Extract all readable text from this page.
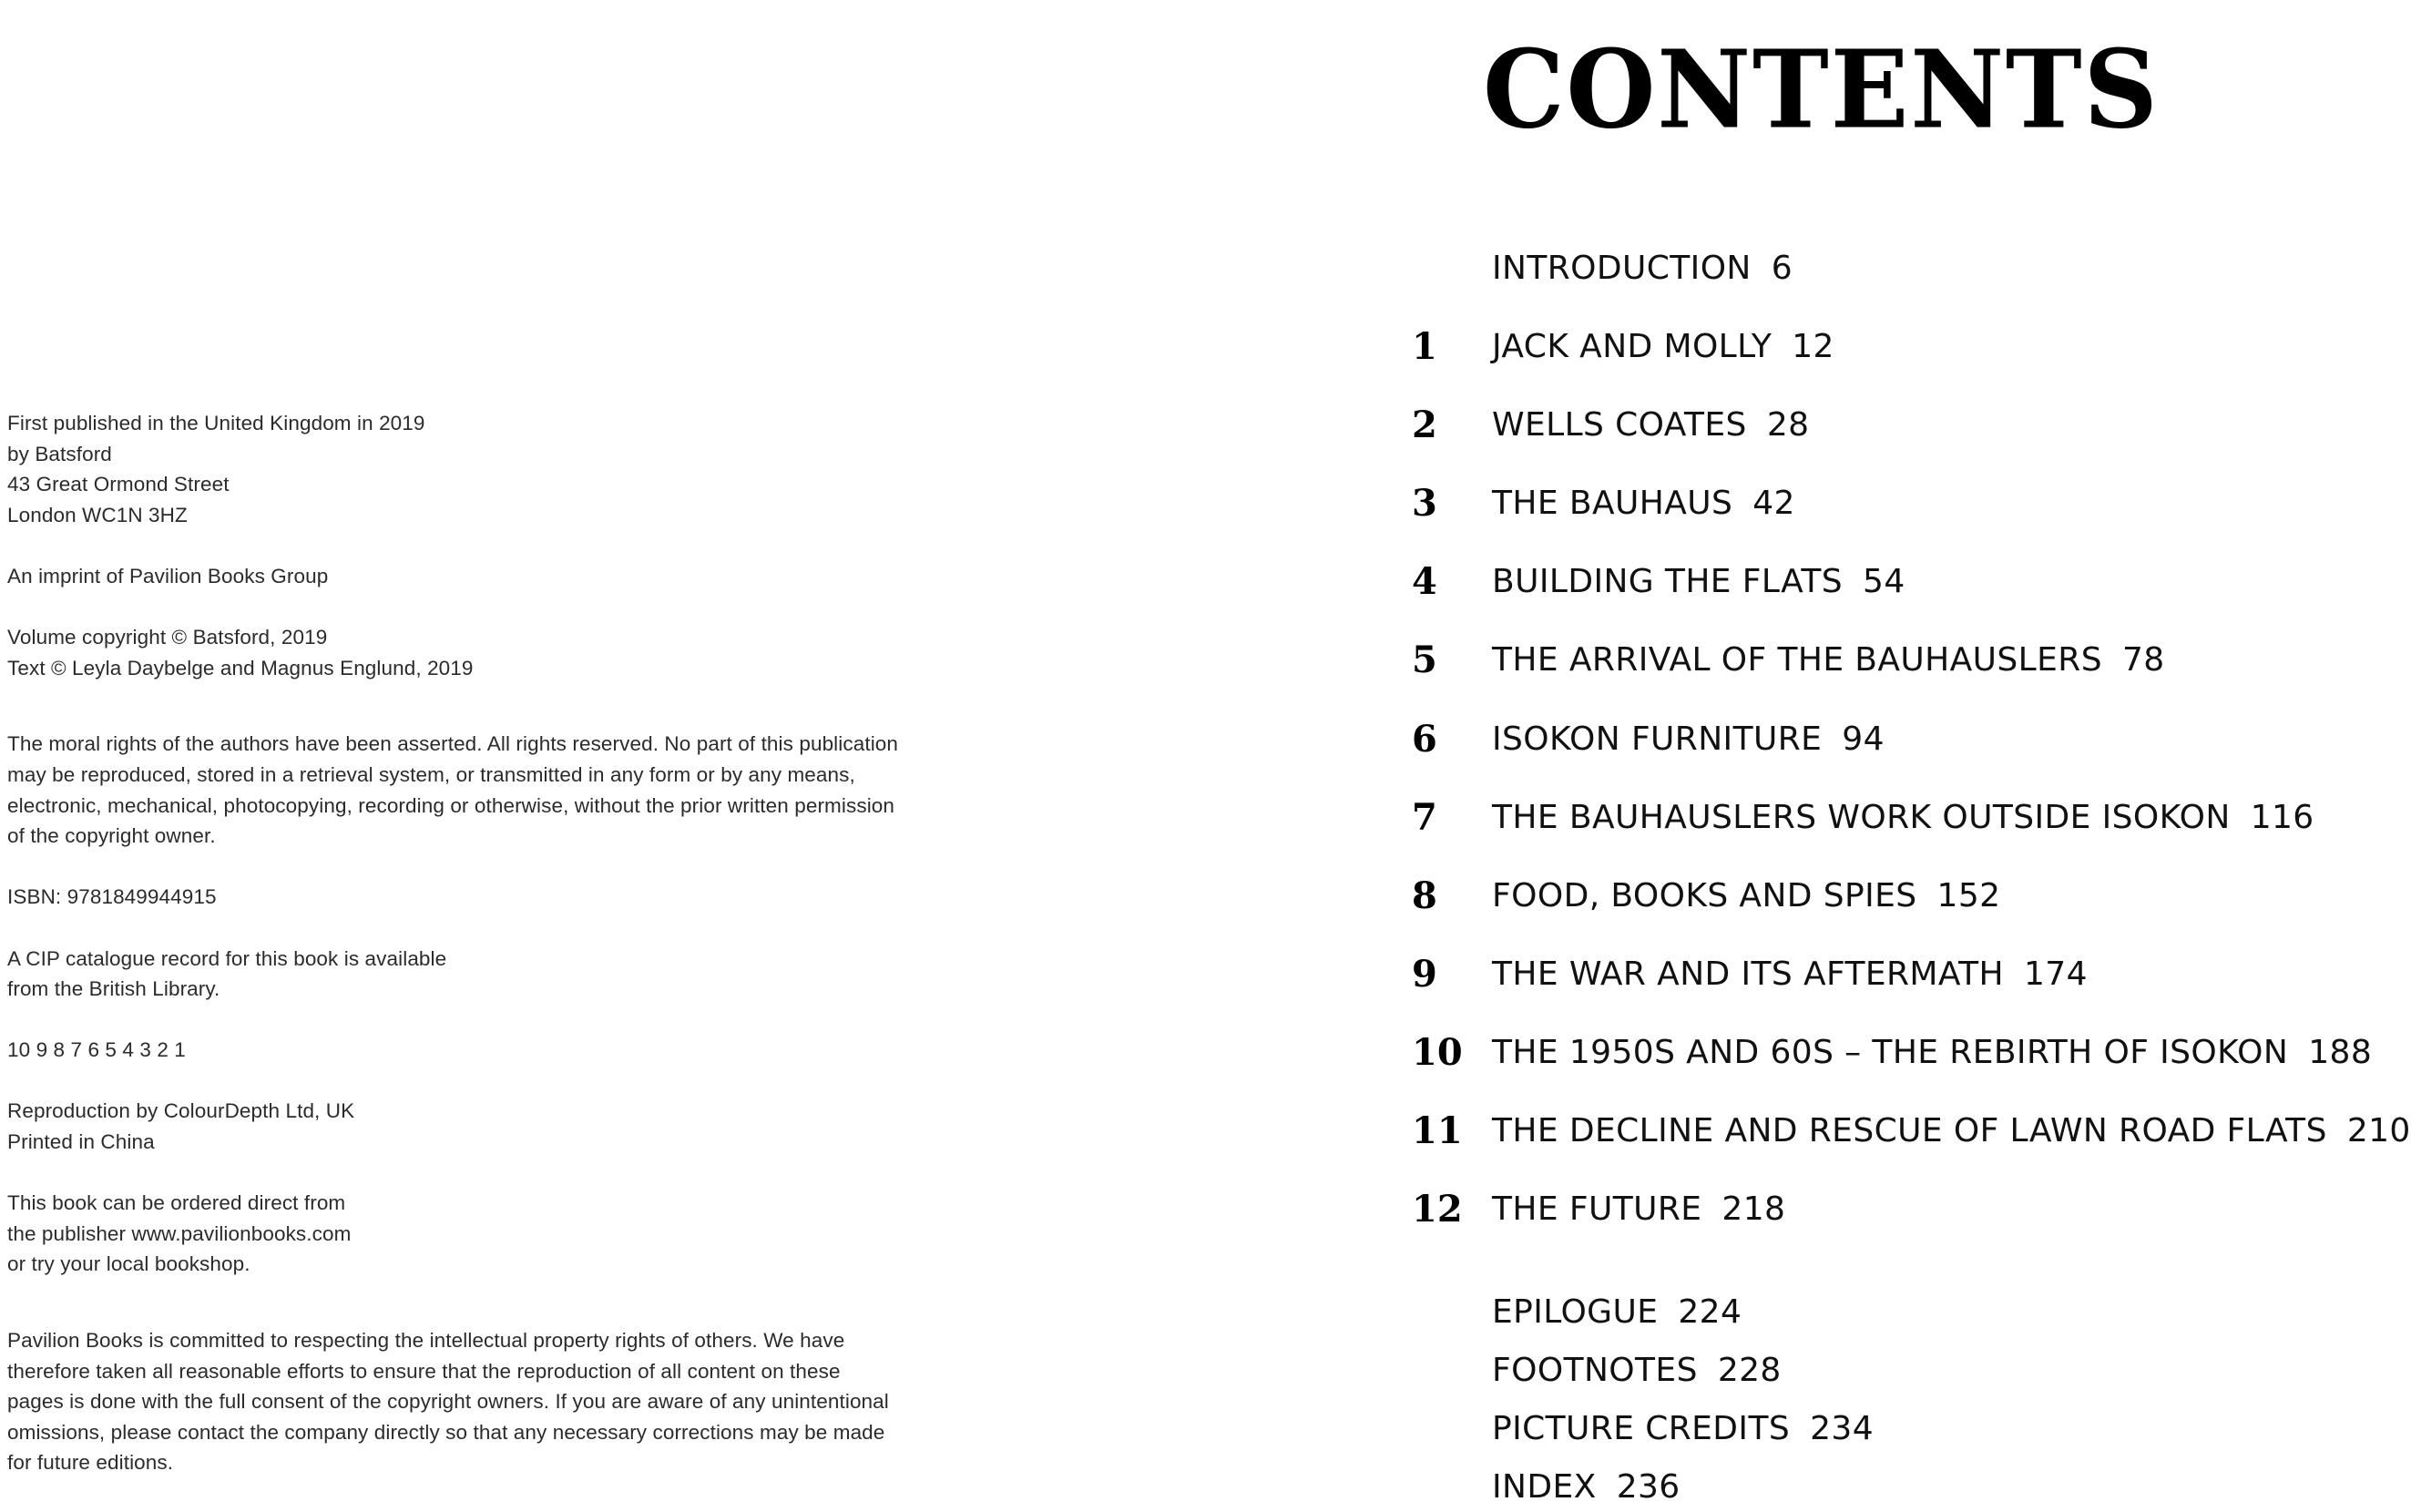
First published in the United Kingdom in 2019
by Batsford
43 Great Ormond Street
London WC1N 3HZ
An imprint of Pavilion Books Group
Volume copyright © Batsford, 2019
Text © Leyla Daybelge and Magnus Englund, 2019
The moral rights of the authors have been asserted. All rights reserved. No part of this publication
may be reproduced, stored in a retrieval system, or transmitted in any form or by any means,
electronic, mechanical, photocopying, recording or otherwise, without the prior written permission
of the copyright owner.
ISBN: 9781849944915
A CIP catalogue record for this book is available
from the British Library.
10 9 8 7 6 5 4 3 2 1
Reproduction by ColourDepth Ltd, UK
Printed in China
This book can be ordered direct from
the publisher www.pavilionbooks.com
or try your local bookshop.
Pavilion Books is committed to respecting the intellectual property rights of others. We have
therefore taken all reasonable efforts to ensure that the reproduction of all content on these
pages is done with the full consent of the copyright owners. If you are aware of any unintentional
omissions, please contact the company directly so that any necessary corrections may be made
for future editions.
CONTENTS
INTRODUCTION 6
1	JACK AND MOLLY 12
2	WELLS COATES 28
3	THE BAUHAUS 42
4	BUILDING THE FLATS 54
5	THE ARRIVAL OF THE BAUHAUSLERS 78
6	ISOKON FURNITURE 94
7	THE BAUHAUSLERS WORK OUTSIDE ISOKON 116
8	FOOD, BOOKS AND SPIES 152
9	THE WAR AND ITS AFTERMATH 174
10 THE 1950S AND 60S – THE REBIRTH OF ISOKON 188
11 THE DECLINE AND RESCUE OF LAWN ROAD FLATS 210
12 THE FUTURE 218
EPILOGUE 224
FOOTNOTES 228
PICTURE CREDITS 234
INDEX 236
